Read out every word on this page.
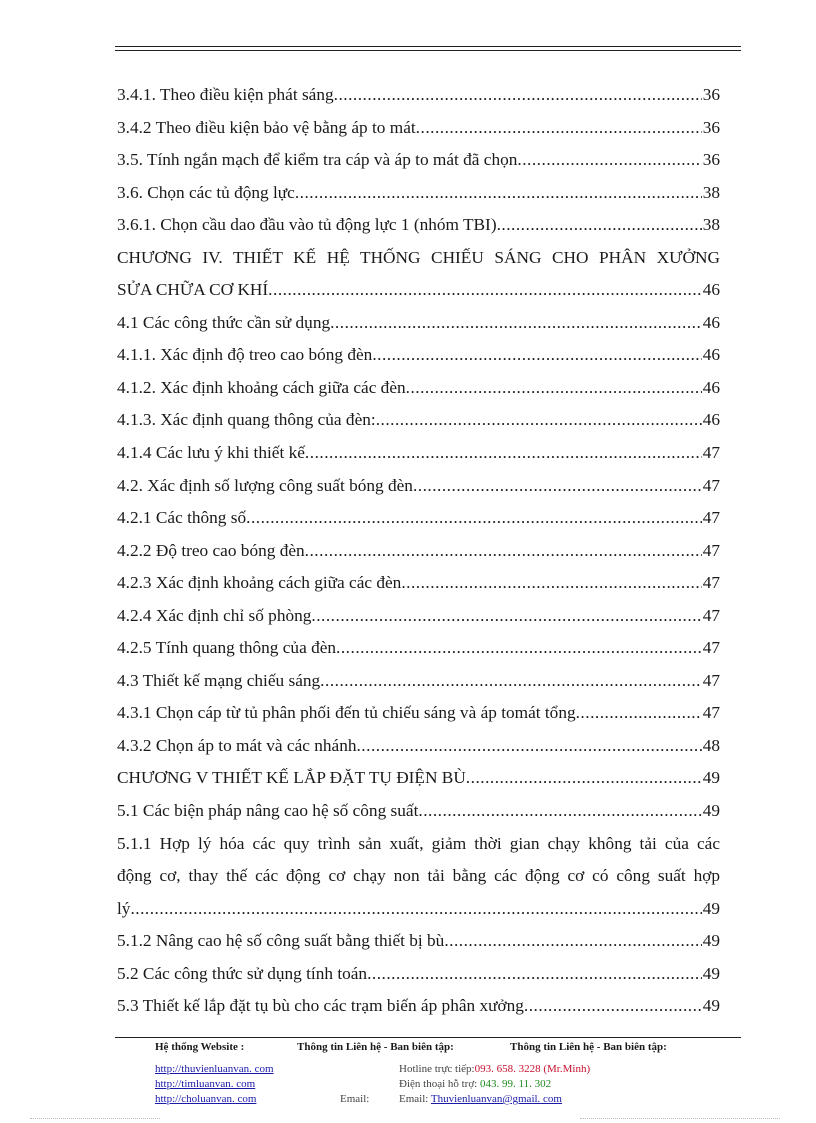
3.4.1. Theo điều kiện phát sáng .....	36
3.4.2 Theo điều kiện bảo vệ bằng áp to mát .....	36
3.5. Tính ngắn mạch để kiểm tra cáp và áp to mát đã chọn .....	36
3.6. Chọn các tủ động lực .....	38
3.6.1. Chọn cầu dao đầu vào tủ động lực 1 (nhóm TBI) .....	38
CHƯƠNG IV. THIẾT KẾ HỆ THỐNG CHIẾU SÁNG CHO PHÂN XƯỞNG
SỬA CHỮA CƠ KHÍ .....	46
4.1 Các công thức cần sử dụng .....	46
4.1.1. Xác định độ treo cao bóng đèn .....	46
4.1.2. Xác định khoảng cách giữa các đèn .....	46
4.1.3. Xác định quang thông của đèn: .....	46
4.1.4 Các lưu ý khi thiết kế .....	47
4.2. Xác định số lượng công suất bóng đèn .....	47
4.2.1 Các thông số .....	47
4.2.2 Độ treo cao bóng đèn .....	47
4.2.3 Xác định khoảng cách giữa các đèn .....	47
4.2.4 Xác định chỉ số phòng .....	47
4.2.5 Tính quang thông của đèn .....	47
4.3 Thiết kế mạng chiếu sáng .....	47
4.3.1 Chọn cáp từ tủ phân phối đến tủ chiếu sáng và áp tomát tổng .....	47
4.3.2 Chọn áp to mát và các nhánh .....	48
CHƯƠNG V THIẾT KẾ LẮP ĐẶT TỤ ĐIỆN BÙ .....	49
5.1 Các biện pháp nâng cao hệ số công suất .....	49
5.1.1 Hợp lý hóa các quy trình sản xuất, giảm thời gian chạy không tải của các
động cơ, thay thế các động cơ chạy non tải bằng các động cơ có công suất hợp
lý .....	49
5.1.2 Nâng cao hệ số công suất bằng thiết bị bù .....	49
5.2 Các công thức sử dụng tính toán .....	49
5.3 Thiết kế lắp đặt tụ bù cho các trạm biến áp phân xưởng .....	49
Hệ thống Website :	Thông tin Liên hệ - Ban biên tập:	Thông tin Liên hệ - Ban biên tập:
http://thuvienluanvan. com
http://timluanvan. com
http://choluanvan. com	Email:
Hotline trực tiếp:093. 658. 3228 (Mr.Minh)
Điện thoại hỗ trợ: 043. 99. 11. 302
Email: Thuvienluanvan@gmail. com
